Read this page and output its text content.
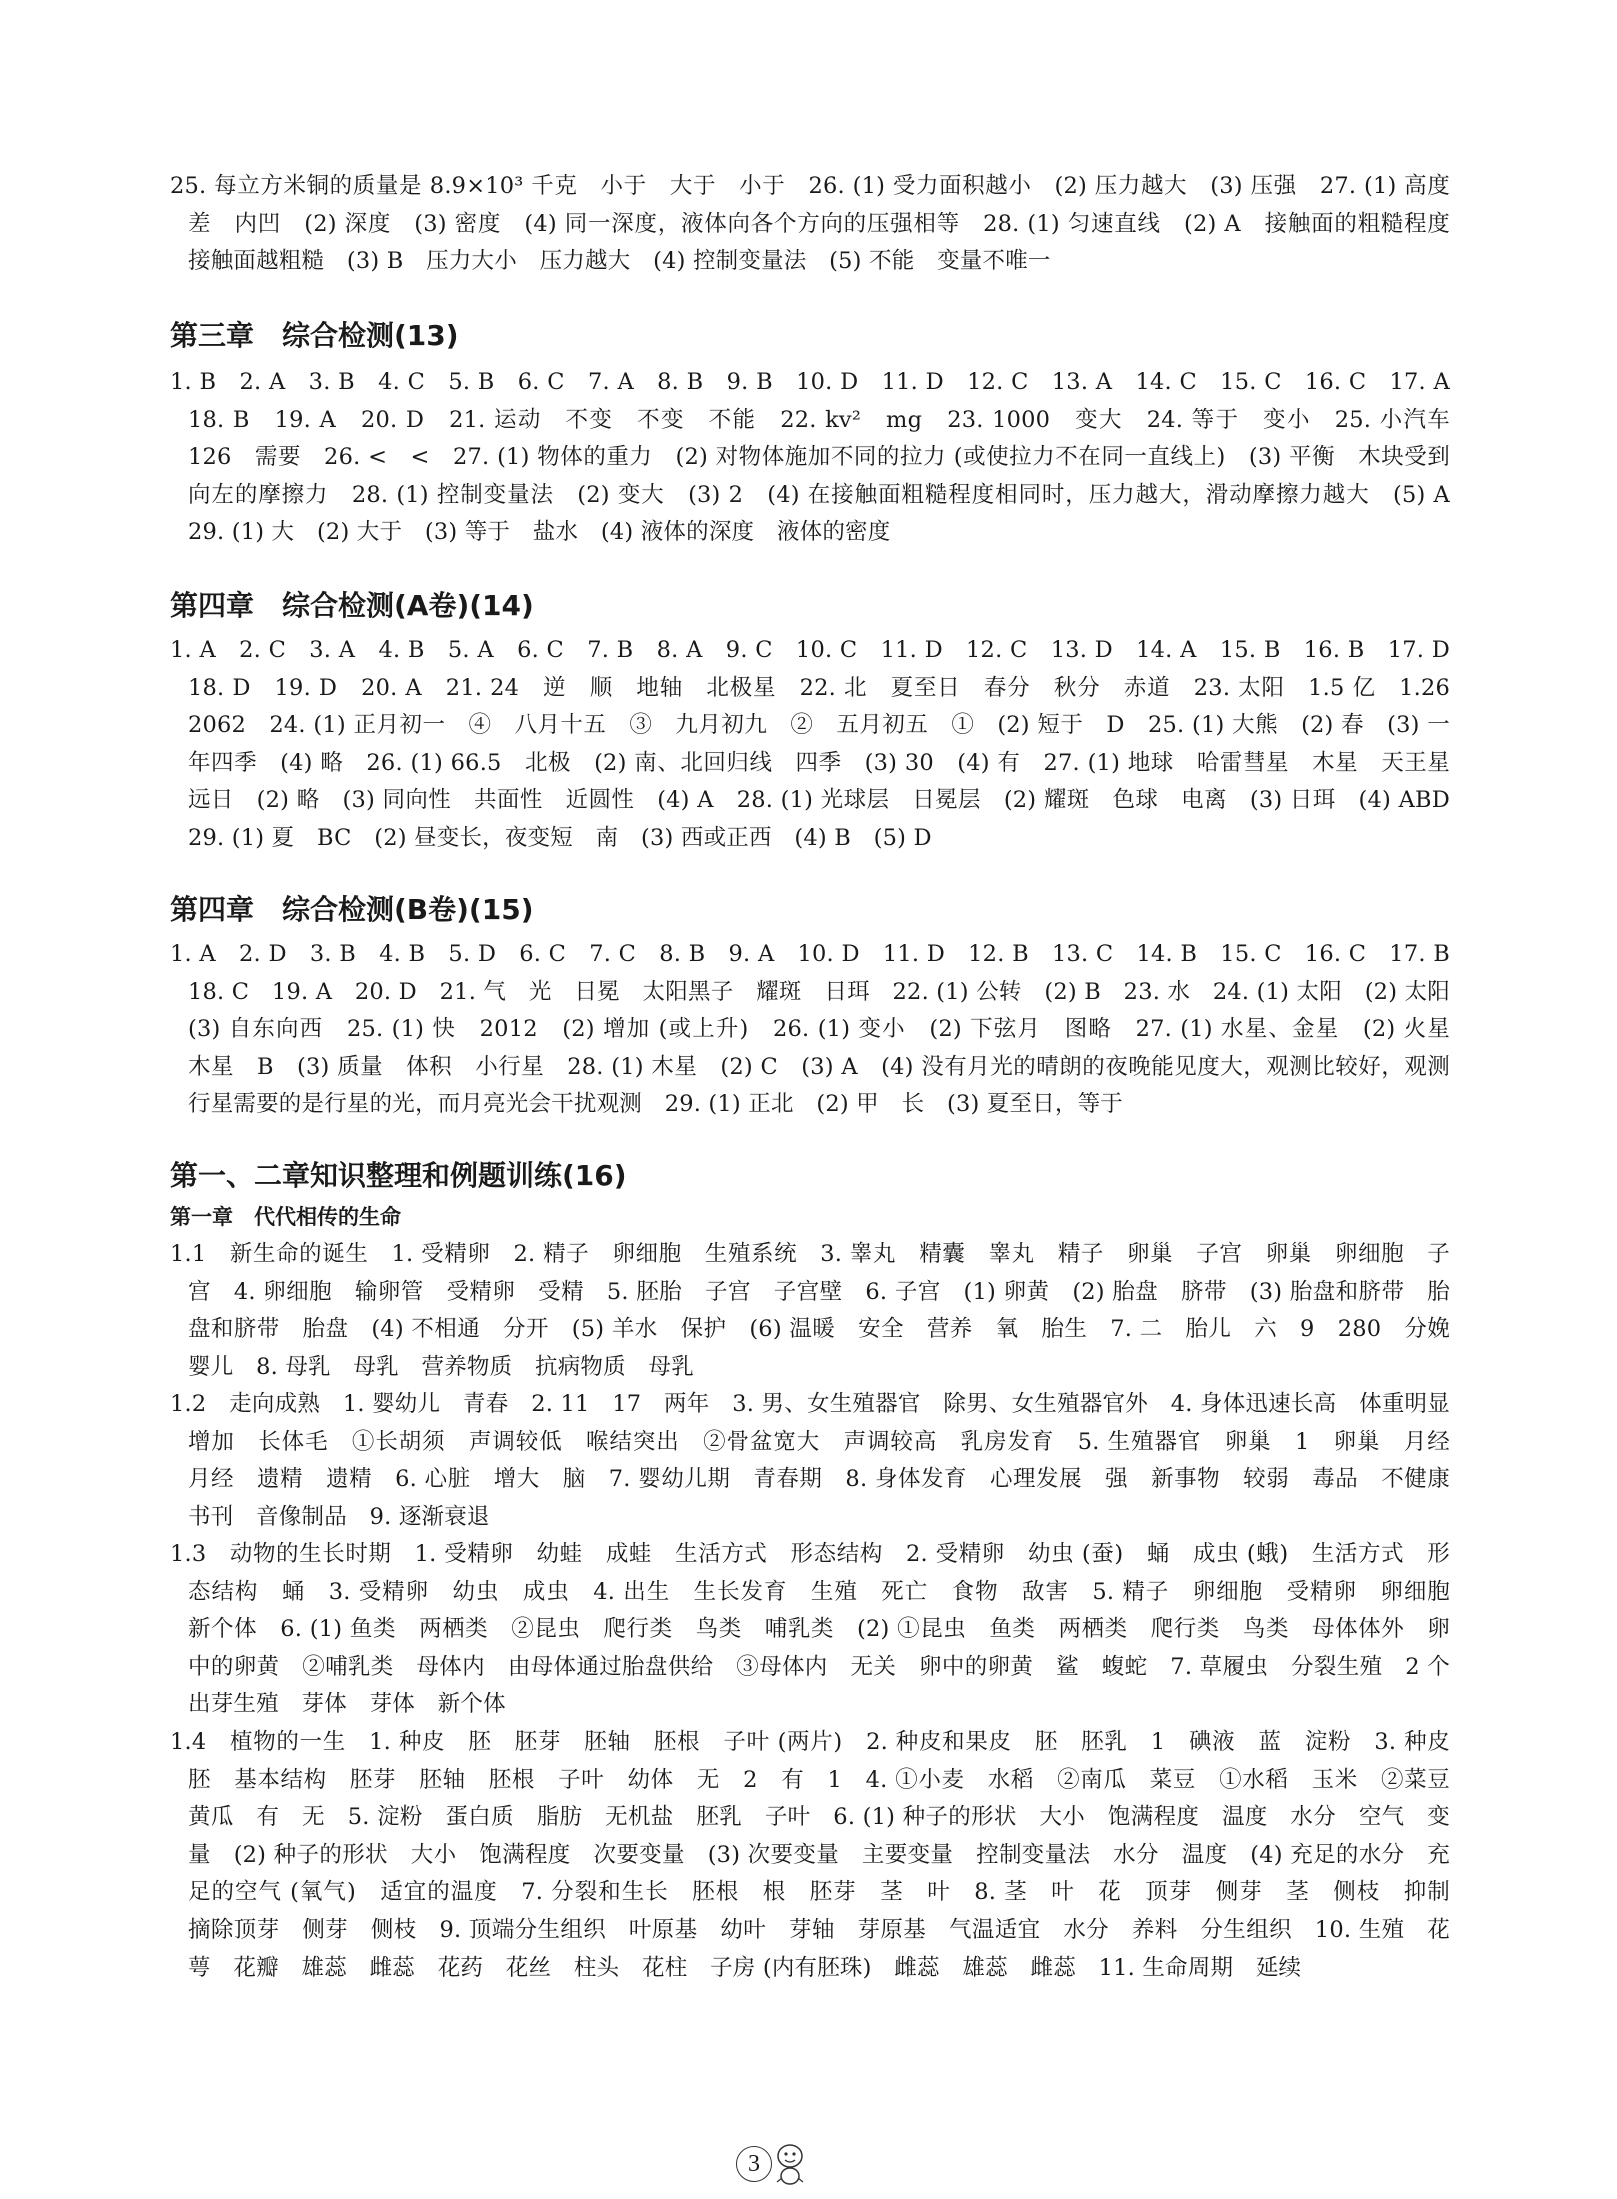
25. 每立方米铜的质量是 8.9×10³ 千克　小于　大于　小于　26. (1) 受力面积越小　(2) 压力越大　(3) 压强　27. (1) 高度差　内凹　(2) 深度　(3) 密度　(4) 同一深度，液体向各个方向的压强相等　28. (1) 匀速直线　(2) A　接触面的粗糙程度　接触面越粗糙　(3) B　压力大小　压力越大　(4) 控制变量法　(5) 不能　变量不唯一
第三章　综合检测(13)
1. B　2. A　3. B　4. C　5. B　6. C　7. A　8. B　9. B　10. D　11. D　12. C　13. A　14. C　15. C　16. C　17. A　18. B　19. A　20. D　21. 运动　不变　不变　不能　22. kv²　mg　23. 1000　变大　24. 等于　变小　25. 小汽车　126　需要　26. <　<　27. (1) 物体的重力　(2) 对物体施加不同的拉力 (或使拉力不在同一直线上)　(3) 平衡　木块受到向左的摩擦力　28. (1) 控制变量法　(2) 变大　(3) 2　(4) 在接触面粗糙程度相同时，压力越大，滑动摩擦力越大　(5) A　29. (1) 大　(2) 大于　(3) 等于　盐水　(4) 液体的深度　液体的密度
第四章　综合检测(A卷)(14)
1. A　2. C　3. A　4. B　5. A　6. C　7. B　8. A　9. C　10. C　11. D　12. C　13. D　14. A　15. B　16. B　17. D　18. D　19. D　20. A　21. 24　逆　顺　地轴　北极星　22. 北　夏至日　春分　秋分　赤道　23. 太阳　1.5 亿　1.26　2062　24. (1) 正月初一　④　八月十五　③　九月初九　②　五月初五　①　(2) 短于　D　25. (1) 大熊　(2) 春　(3) 一年四季　(4) 略　26. (1) 66.5　北极　(2) 南、北回归线　四季　(3) 30　(4) 有　27. (1) 地球　哈雷彗星　木星　天王星　远日　(2) 略　(3) 同向性　共面性　近圆性　(4) A　28. (1) 光球层　日冕层　(2) 耀斑　色球　电离　(3) 日珥　(4) ABD　29. (1) 夏　BC　(2) 昼变长，夜变短　南　(3) 西或正西　(4) B　(5) D
第四章　综合检测(B卷)(15)
1. A　2. D　3. B　4. B　5. D　6. C　7. C　8. B　9. A　10. D　11. D　12. B　13. C　14. B　15. C　16. C　17. B　18. C　19. A　20. D　21. 气　光　日冕　太阳黑子　耀斑　日珥　22. (1) 公转　(2) B　23. 水　24. (1) 太阳　(2) 太阳　(3) 自东向西　25. (1) 快　2012　(2) 增加 (或上升)　26. (1) 变小　(2) 下弦月　图略　27. (1) 水星、金星　(2) 火星　木星　B　(3) 质量　体积　小行星　28. (1) 木星　(2) C　(3) A　(4) 没有月光的晴朗的夜晚能见度大，观测比较好，观测行星需要的是行星的光，而月亮光会干扰观测　29. (1) 正北　(2) 甲　长　(3) 夏至日，等于
第一、二章知识整理和例题训练(16)
第一章　代代相传的生命
1.1　新生命的诞生　1. 受精卵　2. 精子　卵细胞　生殖系统　3. 睾丸　精囊　睾丸　精子　卵巢　子宫　卵巢　卵细胞　子宫　4. 卵细胞　输卵管　受精卵　受精　5. 胚胎　子宫　子宫壁　6. 子宫　(1) 卵黄　(2) 胎盘　脐带　(3) 胎盘和脐带　胎盘和脐带　胎盘　(4) 不相通　分开　(5) 羊水　保护　(6) 温暖　安全　营养　氧　胎生　7. 二　胎儿　六　9　280　分娩　婴儿　8. 母乳　母乳　营养物质　抗病物质　母乳
1.2　走向成熟　1. 婴幼儿　青春　2. 11　17　两年　3. 男、女生殖器官　除男、女生殖器官外　4. 身体迅速长高　体重明显增加　长体毛　①长胡须　声调较低　喉结突出　②骨盆宽大　声调较高　乳房发育　5. 生殖器官　卵巢　1　卵巢　月经　月经　遗精　遗精　6. 心脏　增大　脑　7. 婴幼儿期　青春期　8. 身体发育　心理发展　强　新事物　较弱　毒品　不健康书刊　音像制品　9. 逐渐衰退
1.3　动物的生长时期　1. 受精卵　幼蛙　成蛙　生活方式　形态结构　2. 受精卵　幼虫 (蚕)　蛹　成虫 (蛾)　生活方式　形态结构　蛹　3. 受精卵　幼虫　成虫　4. 出生　生长发育　生殖　死亡　食物　敌害　5. 精子　卵细胞　受精卵　卵细胞　新个体　6. (1) 鱼类　两栖类　②昆虫　爬行类　鸟类　哺乳类　(2) ①昆虫　鱼类　两栖类　爬行类　鸟类　母体体外　卵中的卵黄　②哺乳类　母体内　由母体通过胎盘供给　③母体内　无关　卵中的卵黄　鲨　蝮蛇　7. 草履虫　分裂生殖　2 个　出芽生殖　芽体　芽体　新个体
1.4　植物的一生　1. 种皮　胚　胚芽　胚轴　胚根　子叶 (两片)　2. 种皮和果皮　胚　胚乳　1　碘液　蓝　淀粉　3. 种皮　胚　基本结构　胚芽　胚轴　胚根　子叶　幼体　无　2　有　1　4. ①小麦　水稻　②南瓜　菜豆　①水稻　玉米　②菜豆　黄瓜　有　无　5. 淀粉　蛋白质　脂肪　无机盐　胚乳　子叶　6. (1) 种子的形状　大小　饱满程度　温度　水分　空气　变量　(2) 种子的形状　大小　饱满程度　次要变量　(3) 次要变量　主要变量　控制变量法　水分　温度　(4) 充足的水分　充足的空气 (氧气)　适宜的温度　7. 分裂和生长　胚根　根　胚芽　茎　叶　8. 茎　叶　花　顶芽　侧芽　茎　侧枝　抑制　摘除顶芽　侧芽　侧枝　9. 顶端分生组织　叶原基　幼叶　芽轴　芽原基　气温适宜　水分　养料　分生组织　10. 生殖　花萼　花瓣　雄蕊　雌蕊　花药　花丝　柱头　花柱　子房 (内有胚珠)　雌蕊　雄蕊　雌蕊　11. 生命周期　延续
3
